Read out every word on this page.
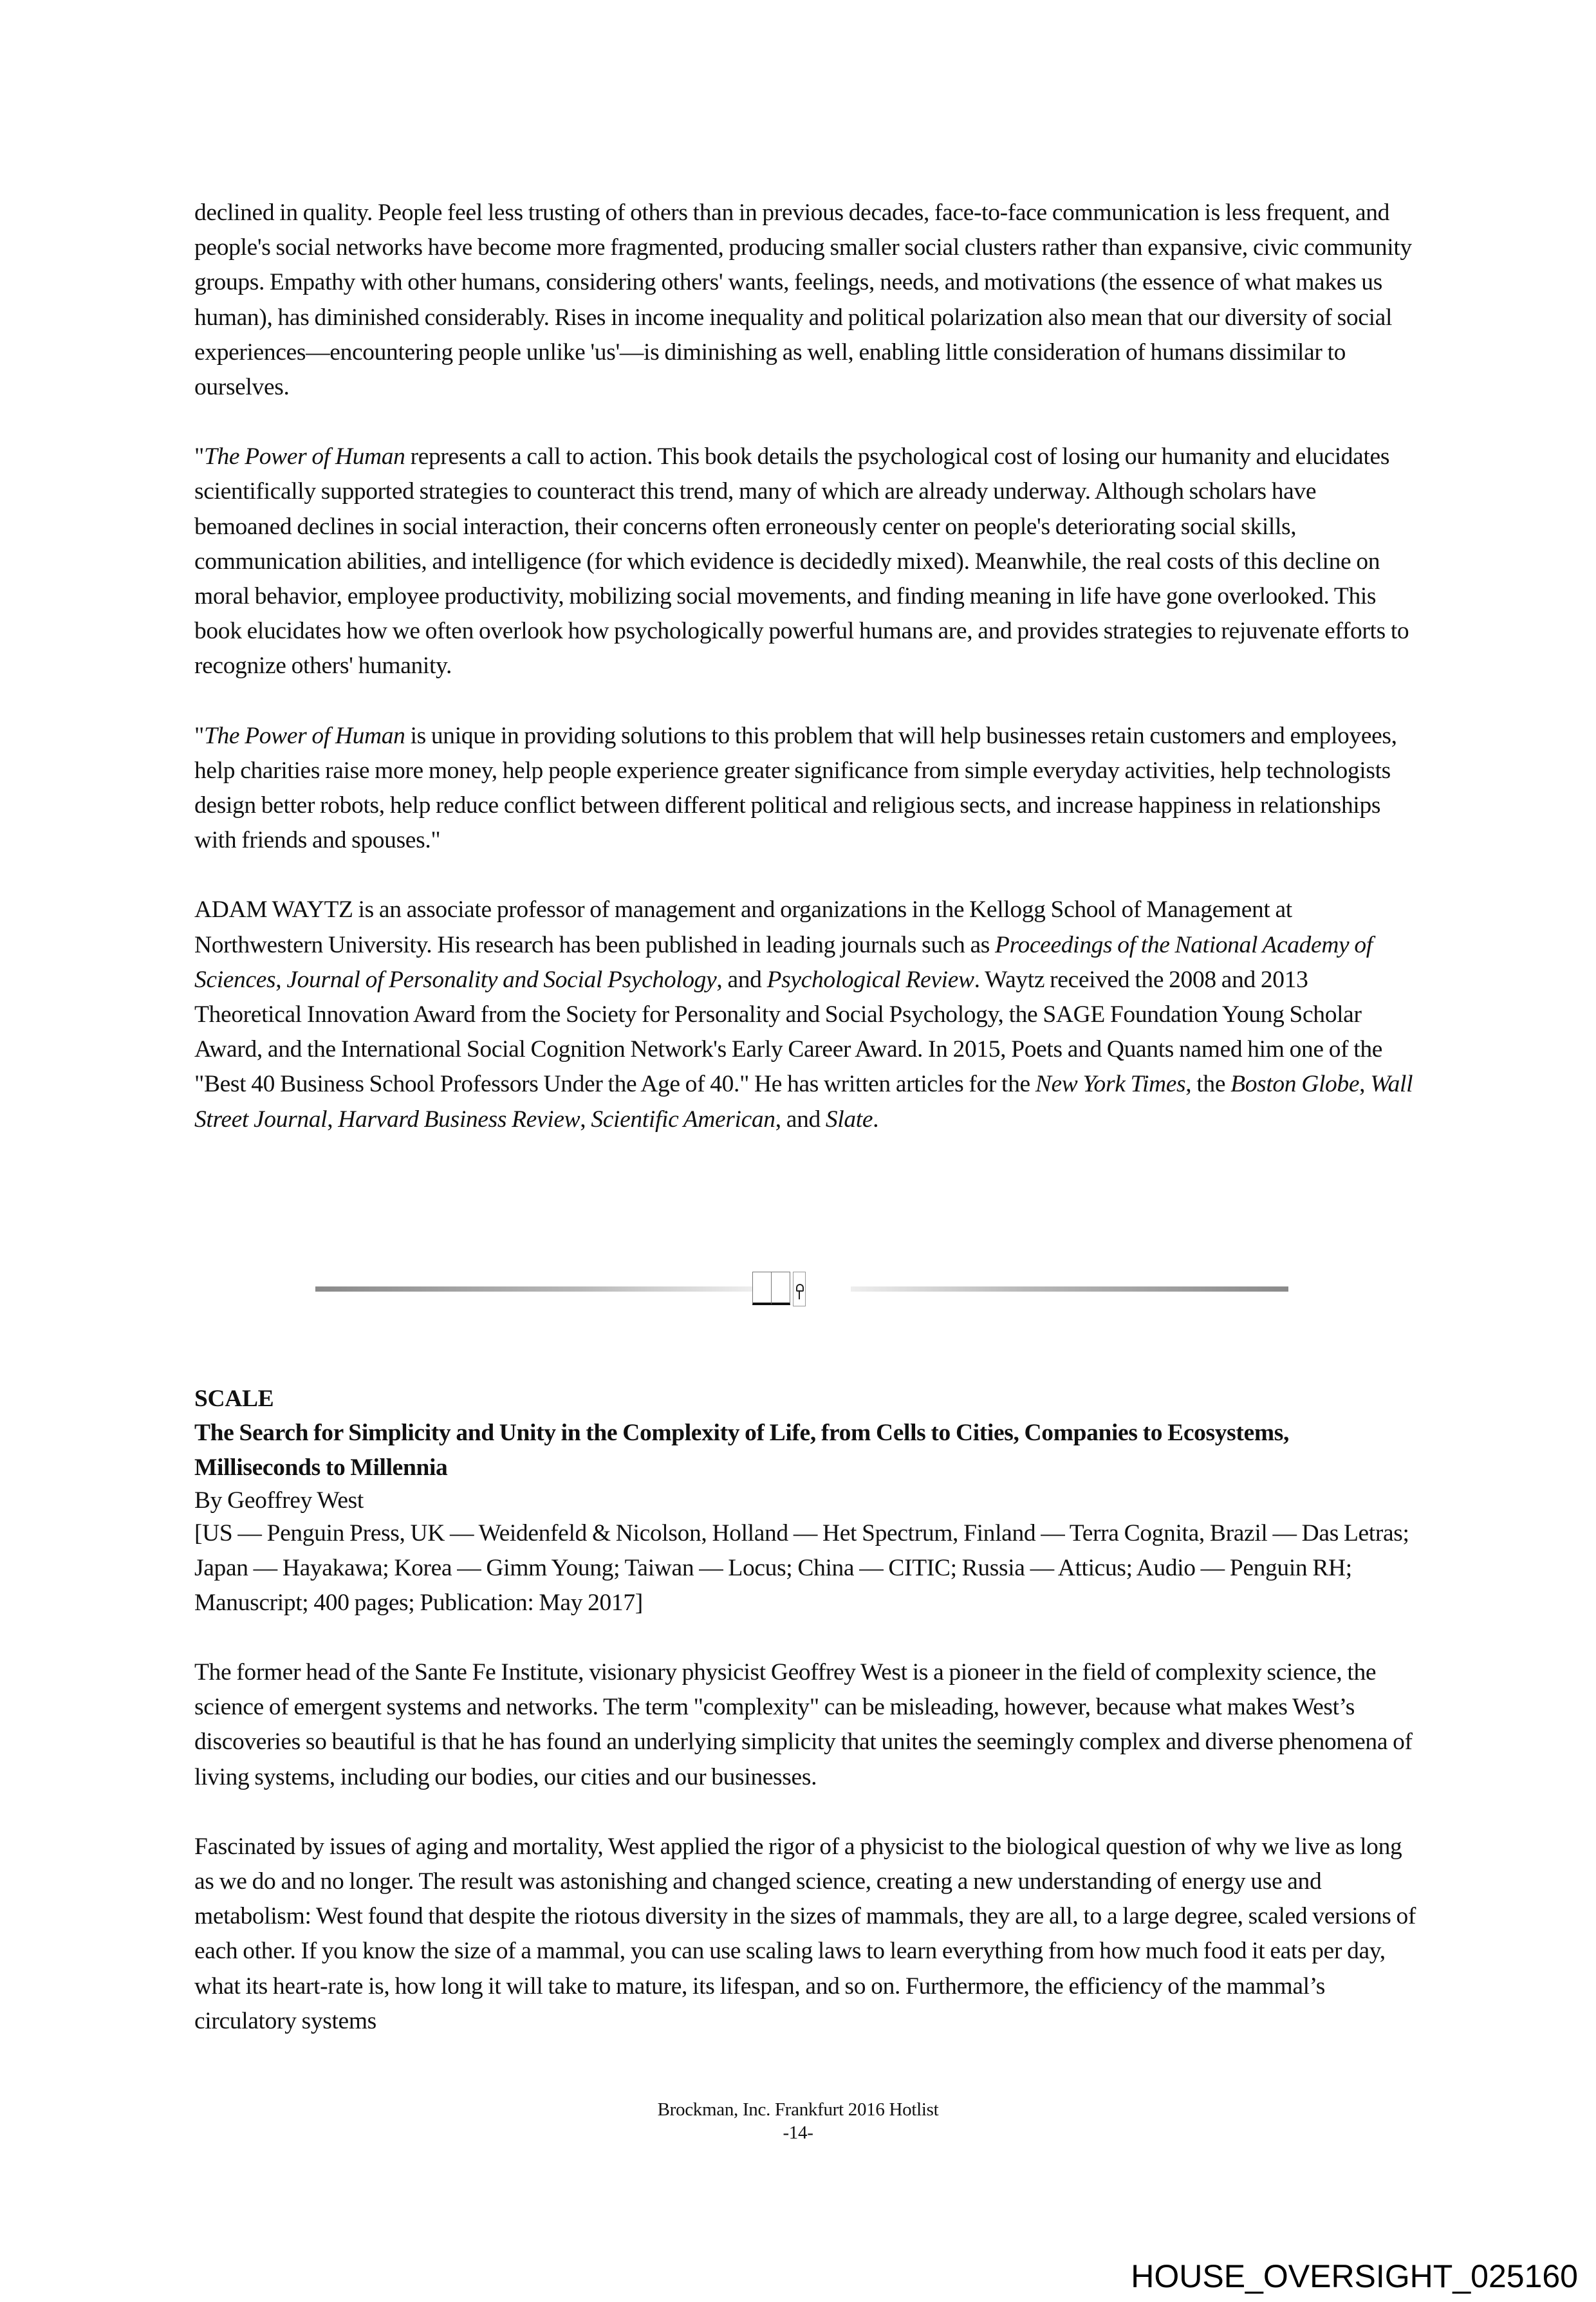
declined in quality. People feel less trusting of others than in previous decades, face-to-face communication is less frequent, and people's social networks have become more fragmented, producing smaller social clusters rather than expansive, civic community groups. Empathy with other humans, considering others' wants, feelings, needs, and motivations (the essence of what makes us human), has diminished considerably. Rises in income inequality and political polarization also mean that our diversity of social experiences—encountering people unlike 'us'—is diminishing as well, enabling little consideration of humans dissimilar to ourselves.

"The Power of Human represents a call to action. This book details the psychological cost of losing our humanity and elucidates scientifically supported strategies to counteract this trend, many of which are already underway. Although scholars have bemoaned declines in social interaction, their concerns often erroneously center on people's deteriorating social skills, communication abilities, and intelligence (for which evidence is decidedly mixed). Meanwhile, the real costs of this decline on moral behavior, employee productivity, mobilizing social movements, and finding meaning in life have gone overlooked. This book elucidates how we often overlook how psychologically powerful humans are, and provides strategies to rejuvenate efforts to recognize others' humanity.

"The Power of Human is unique in providing solutions to this problem that will help businesses retain customers and employees, help charities raise more money, help people experience greater significance from simple everyday activities, help technologists design better robots, help reduce conflict between different political and religious sects, and increase happiness in relationships with friends and spouses."

ADAM WAYTZ is an associate professor of management and organizations in the Kellogg School of Management at Northwestern University. His research has been published in leading journals such as Proceedings of the National Academy of Sciences, Journal of Personality and Social Psychology, and Psychological Review. Waytz received the 2008 and 2013 Theoretical Innovation Award from the Society for Personality and Social Psychology, the SAGE Foundation Young Scholar Award, and the International Social Cognition Network's Early Career Award. In 2015, Poets and Quants named him one of the "Best 40 Business School Professors Under the Age of 40." He has written articles for the New York Times, the Boston Globe, Wall Street Journal, Harvard Business Review, Scientific American, and Slate.

SCALE

The Search for Simplicity and Unity in the Complexity of Life, from Cells to Cities, Companies to Ecosystems, Milliseconds to Millennia

By Geoffrey West

[US — Penguin Press, UK — Weidenfeld & Nicolson, Holland — Het Spectrum, Finland — Terra Cognita, Brazil — Das Letras; Japan — Hayakawa; Korea — Gimm Young; Taiwan — Locus; China — CITIC; Russia — Atticus; Audio — Penguin RH; Manuscript; 400 pages; Publication: May 2017]

The former head of the Sante Fe Institute, visionary physicist Geoffrey West is a pioneer in the field of complexity science, the science of emergent systems and networks. The term "complexity" can be misleading, however, because what makes West’s discoveries so beautiful is that he has found an underlying simplicity that unites the seemingly complex and diverse phenomena of living systems, including our bodies, our cities and our businesses.

Fascinated by issues of aging and mortality, West applied the rigor of a physicist to the biological question of why we live as long as we do and no longer. The result was astonishing and changed science, creating a new understanding of energy use and metabolism: West found that despite the riotous diversity in the sizes of mammals, they are all, to a large degree, scaled versions of each other. If you know the size of a mammal, you can use scaling laws to learn everything from how much food it eats per day, what its heart-rate is, how long it will take to mature, its lifespan, and so on. Furthermore, the efficiency of the mammal’s circulatory systems

Brockman, Inc. Frankfurt 2016 Hotlist
-14-
HOUSE_OVERSIGHT_025160
